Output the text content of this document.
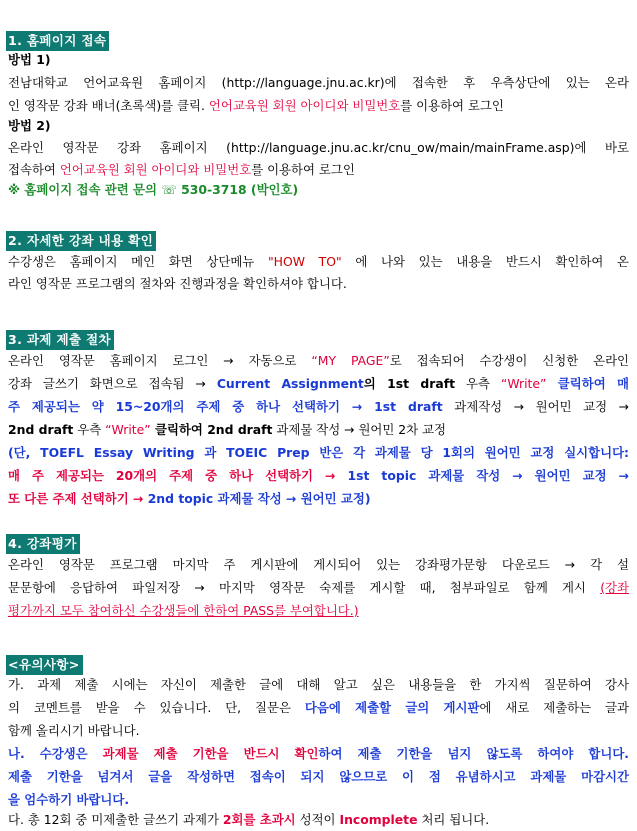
1. 홈페이지 접속
방법 1)
전남대학교 언어교육원 홈페이지 (http://language.jnu.ac.kr)에 접속한 후 우측상단에 있는 온라
인 영작문 강좌 배너(초록색)를 클릭. 언어교육원 회원 아이디와 비밀번호를 이용하여 로그인
방법 2)
온라인 영작문 강좌 홈페이지 (http://language.jnu.ac.kr/cnu_ow/main/mainFrame.asp)에 바로
접속하여 언어교육원 회원 아이디와 비밀번호를 이용하여 로그인
※ 홈페이지 접속 관련 문의 ☏ 530-3718 (박인호)
2. 자세한 강좌 내용 확인
수강생은 홈페이지 메인 화면 상단메뉴 "HOW TO" 에 나와 있는 내용을 반드시 확인하여 온
라인 영작문 프로그램의 절차와 진행과정을 확인하셔야 합니다.
3. 과제 제출 절차
온라인 영작문 홈페이지 로그인 → 자동으로 “MY PAGE”로 접속되어 수강생이 신청한 온라인
강좌 글쓰기 화면으로 접속됨 → Current Assignment의 1st draft 우측 “Write” 클릭하여 매
주 제공되는 약 15~20개의 주제 중 하나 선택하기 → 1st draft 과제작성 → 원어민 교정 →
2nd draft 우측 “Write” 클릭하여 2nd draft 과제물 작성 → 원어민 2차 교정
(단, TOEFL Essay Writing 과 TOEIC Prep 반은 각 과제물 당 1회의 원어민 교정 실시합니다:
매 주 제공되는 20개의 주제 중 하나 선택하기 → 1st topic 과제물 작성 → 원어민 교정 →
또 다른 주제 선택하기 → 2nd topic 과제물 작성 → 원어민 교정)
4. 강좌평가
온라인 영작문 프로그램 마지막 주 게시판에 게시되어 있는 강좌평가문항 다운로드 → 각 설
문문항에 응답하여 파일저장 → 마지막 영작문 숙제를 게시할 때, 첨부파일로 함께 게시 (강좌
평가까지 모두 참여하신 수강생들에 한하여 PASS를 부여합니다.)
<유의사항>
가. 과제 제출 시에는 자신이 제출한 글에 대해 알고 싶은 내용들을 한 가지씩 질문하여 강사
의 코멘트를 받을 수 있습니다. 단, 질문은 다음에 제출할 글의 게시판에 새로 제출하는 글과
함께 올리시기 바랍니다.
나. 수강생은 과제물 제출 기한을 반드시 확인하여 제출 기한을 넘지 않도록 하여야 합니다.
제출 기한을 넘겨서 글을 작성하면 접속이 되지 않으므로 이 점 유념하시고 과제물 마감시간
을 엄수하기 바랍니다.
다. 총 12회 중 미제출한 글쓰기 과제가 2회를 초과시 성적이 Incomplete 처리 됩니다.
